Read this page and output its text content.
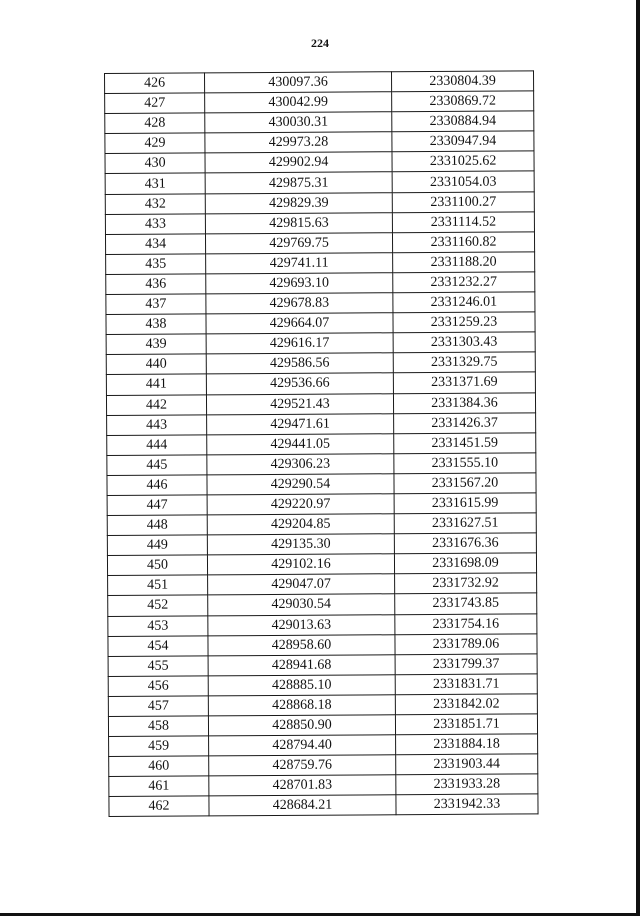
224
426	430097.36	2330804.39
427	430042.99	2330869.72
428	430030.31	2330884.94
429	429973.28	2330947.94
430	429902.94	2331025.62
431	429875.31	2331054.03
432	429829.39	2331100.27
433	429815.63	2331114.52
434	429769.75	2331160.82
435	429741.11	2331188.20
436	429693.10	2331232.27
437	429678.83	2331246.01
438	429664.07	2331259.23
439	429616.17	2331303.43
440	429586.56	2331329.75
441	429536.66	2331371.69
442	429521.43	2331384.36
443	429471.61	2331426.37
444	429441.05	2331451.59
445	429306.23	2331555.10
446	429290.54	2331567.20
447	429220.97	2331615.99
448	429204.85	2331627.51
449	429135.30	2331676.36
450	429102.16	2331698.09
451	429047.07	2331732.92
452	429030.54	2331743.85
453	429013.63	2331754.16
454	428958.60	2331789.06
455	428941.68	2331799.37
456	428885.10	2331831.71
457	428868.18	2331842.02
458	428850.90	2331851.71
459	428794.40	2331884.18
460	428759.76	2331903.44
461	428701.83	2331933.28
462	428684.21	2331942.33
